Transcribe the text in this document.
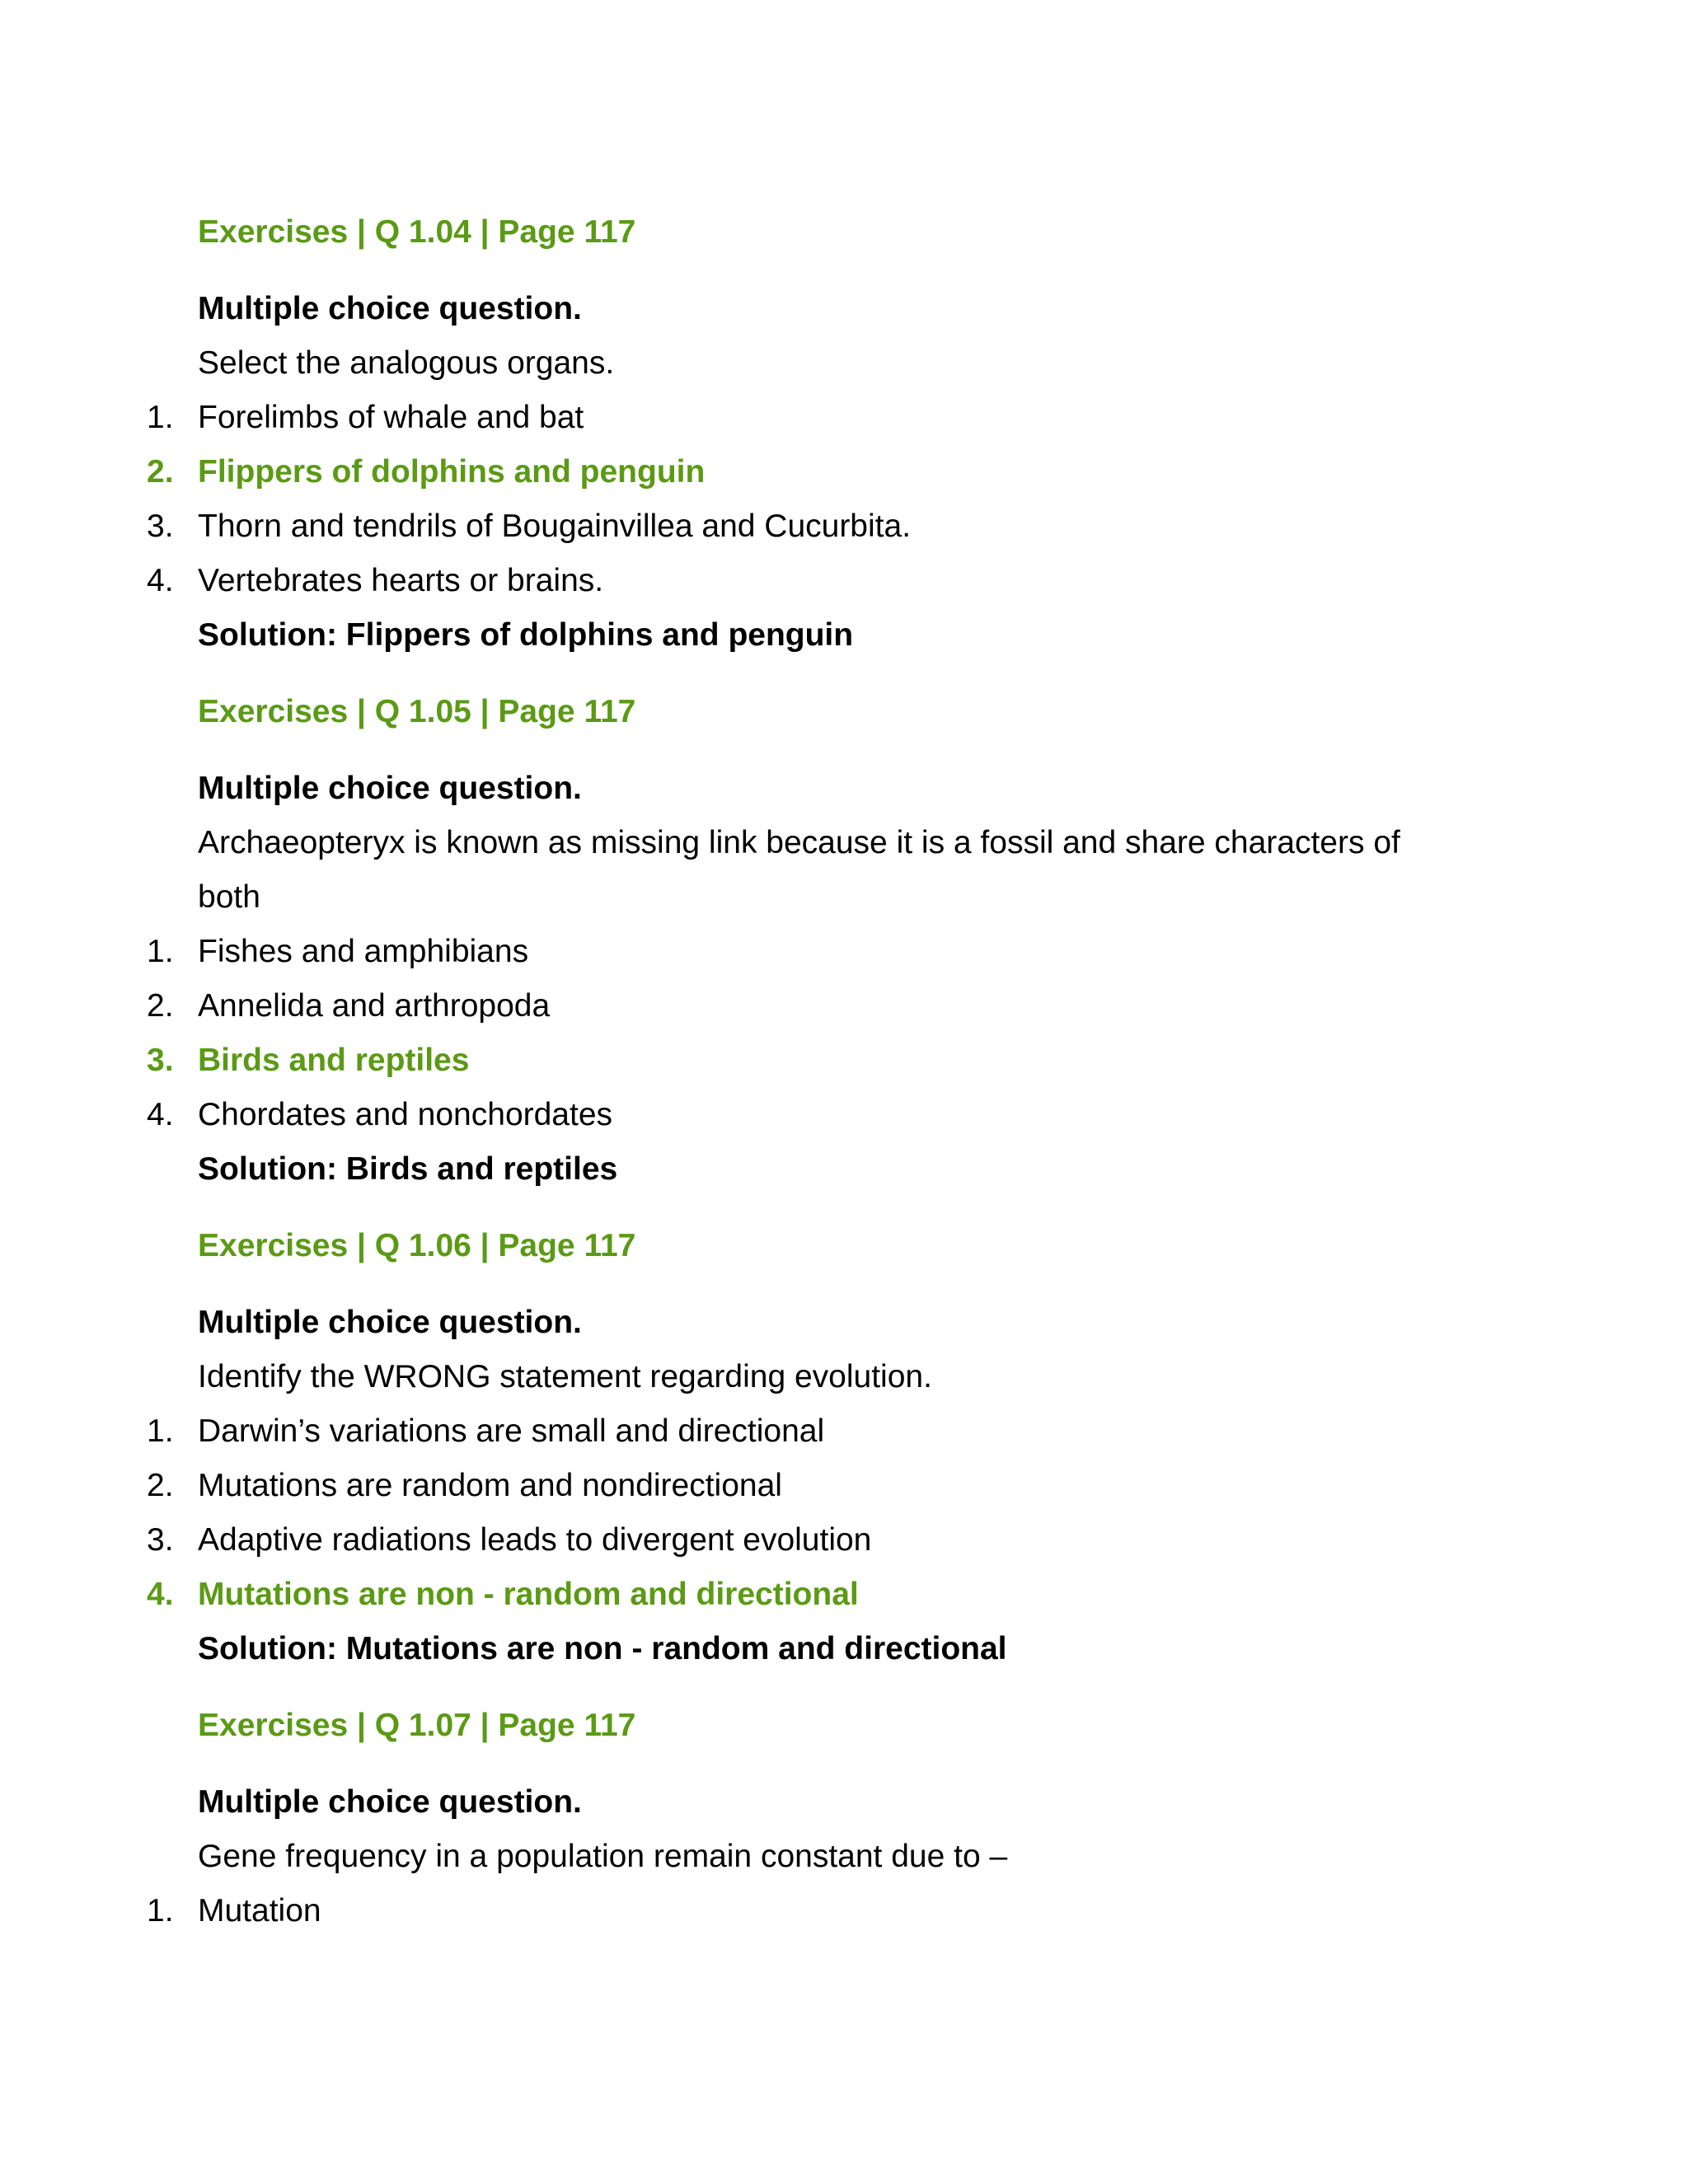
Exercises | Q 1.04 | Page 117
Multiple choice question.
Select the analogous organs.
1. Forelimbs of whale and bat
2. Flippers of dolphins and penguin
3. Thorn and tendrils of Bougainvillea and Cucurbita.
4. Vertebrates hearts or brains.
Solution: Flippers of dolphins and penguin
Exercises | Q 1.05 | Page 117
Multiple choice question.
Archaeopteryx is known as missing link because it is a fossil and share characters of
both
1. Fishes and amphibians
2. Annelida and arthropoda
3. Birds and reptiles
4. Chordates and nonchordates
Solution: Birds and reptiles
Exercises | Q 1.06 | Page 117
Multiple choice question.
Identify the WRONG statement regarding evolution.
1. Darwin’s variations are small and directional
2. Mutations are random and nondirectional
3. Adaptive radiations leads to divergent evolution
4. Mutations are non - random and directional
Solution: Mutations are non - random and directional
Exercises | Q 1.07 | Page 117
Multiple choice question.
Gene frequency in a population remain constant due to –
1. Mutation
